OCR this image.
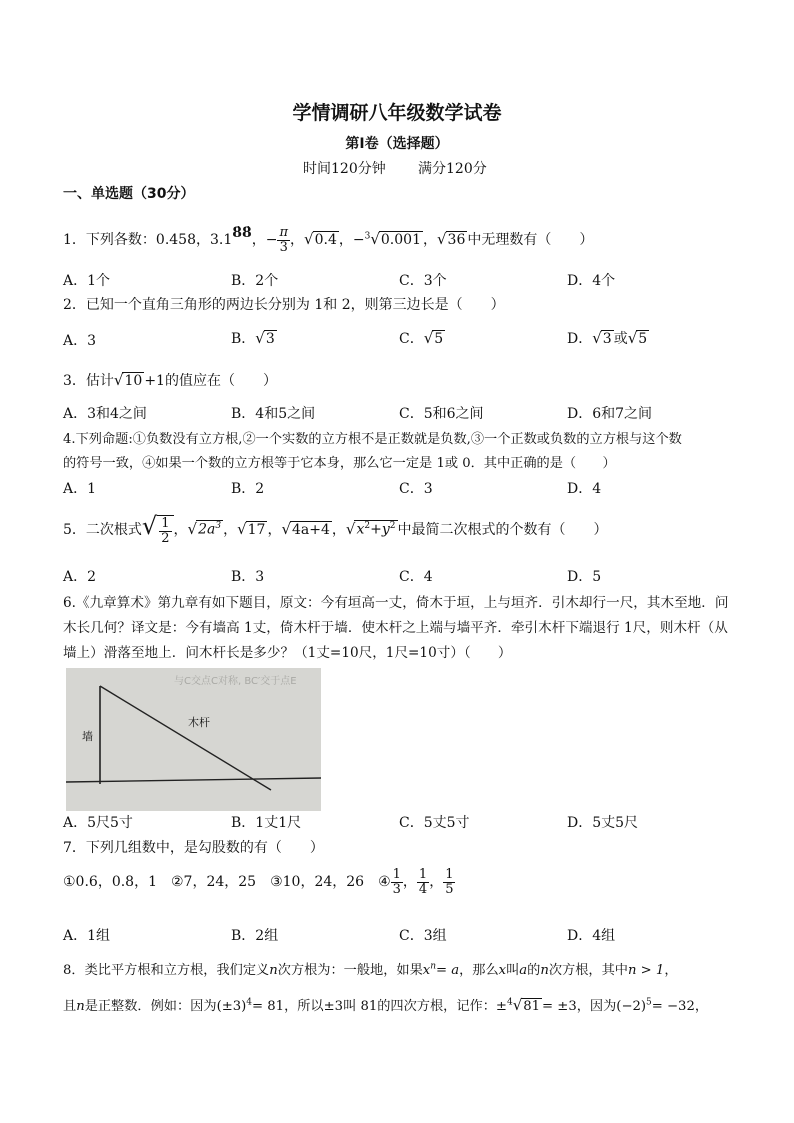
学情调研八年级数学试卷
第Ⅰ卷（选择题）
时间120分钟 满分120分
一、单选题（30分）
1．下列各数：0.458，3.18̇8̇，− $\frac{\pi}{3}$ ，√0.4 ，−$^3$√0.001 ，√36 中无理数有（　　）
A．1个	B．2个	C．3个	D．4个
2．已知一个直角三角形的两边长分别为 1和 2，则第三边长是（　　）
A．3	B．√3	C．√5	D．√3 或√5
3．估计√10 +1的值应在（　　）
A．3和4之间	B．4和5之间	C．5和6之间	D．6和7之间
4.下列命题:①负数没有立方根,②一个实数的立方根不是正数就是负数,③一个正数或负数的立方根与这个数
的符号一致，④如果一个数的立方根等于它本身，那么它一定是 1或 0．其中正确的是（　　）
A．1	B．2	C．3	D．4
5．二次根式√ $\frac{1}{2}$ ，$√2a^3$ ，√17 ，√4a+4 ，$√x^2+y^2$ 中最简二次根式的个数有（　　）
A．2	B．3	C．4	D．5
6.《九章算术》第九章有如下题目，原文：今有垣高一丈，倚木于垣，上与垣齐．引木却行一尺，其木至地．问
木长几何？译文是：今有墙高 1丈，倚木杆于墙．使木杆之上端与墙平齐．牵引木杆下端退行 1尺，则木杆（从
墙上）滑落至地上．问木杆长是多少？（1丈=10尺，1尺=10寸）（　　）
与C交点C对称, BC′交于点E
墙
木杆
A．5尺5寸	B．1丈1尺	C．5丈5寸	D．5丈5尺
7．下列几组数中，是勾股数的有（　　）
①0.6，0.8，1　②7，24，25　③10，24，26　④ $\frac{1}{3}$ ， $\frac{1}{4}$ ， $\frac{1}{5}$
A．1组	B．2组	C．3组	D．4组
8．类比平方根和立方根，我们定义n次方根为：一般地，如果$x^n= a$，那么x叫a的n次方根，其中n > 1，
且n是正整数．例如：因为$(\pm 3)^4= 81$，所以±3叫 81的四次方根，记作：±$^4$√81 = ±3，因为$(-2)^5= -32$，
